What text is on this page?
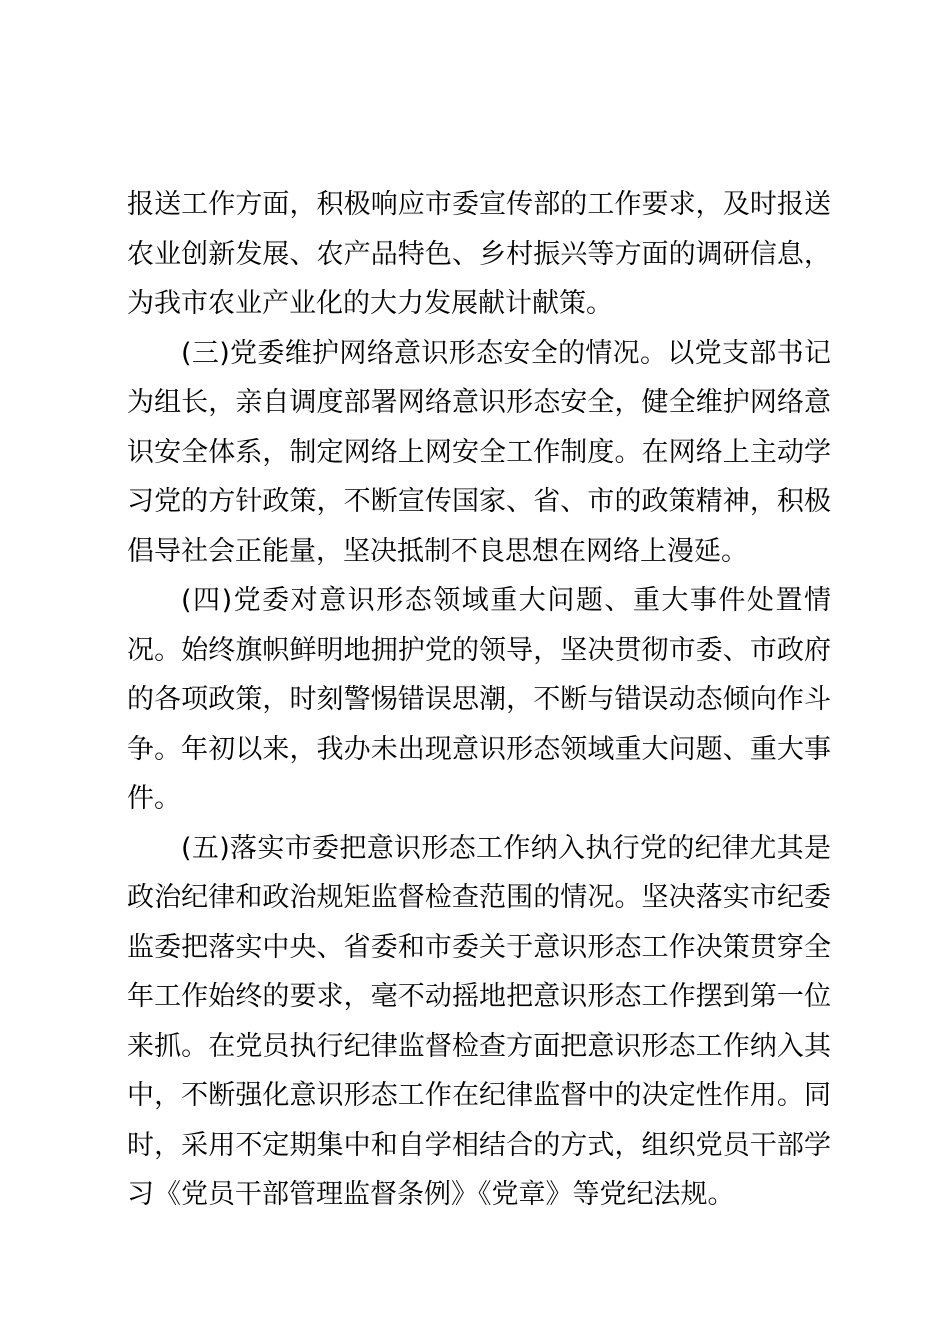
报送工作方面，积极响应市委宣传部的工作要求，及时报送农业创新发展、农产品特色、乡村振兴等方面的调研信息，为我市农业产业化的大力发展献计献策。

(三)党委维护网络意识形态安全的情况。以党支部书记为组长，亲自调度部署网络意识形态安全，健全维护网络意识安全体系，制定网络上网安全工作制度。在网络上主动学习党的方针政策，不断宣传国家、省、市的政策精神，积极倡导社会正能量，坚决抵制不良思想在网络上漫延。

(四)党委对意识形态领域重大问题、重大事件处置情况。始终旗帜鲜明地拥护党的领导，坚决贯彻市委、市政府的各项政策，时刻警惕错误思潮，不断与错误动态倾向作斗争。年初以来，我办未出现意识形态领域重大问题、重大事件。

(五)落实市委把意识形态工作纳入执行党的纪律尤其是政治纪律和政治规矩监督检查范围的情况。坚决落实市纪委监委把落实中央、省委和市委关于意识形态工作决策贯穿全年工作始终的要求，毫不动摇地把意识形态工作摆到第一位来抓。在党员执行纪律监督检查方面把意识形态工作纳入其中，不断强化意识形态工作在纪律监督中的决定性作用。同时，采用不定期集中和自学相结合的方式，组织党员干部学习《党员干部管理监督条例》《党章》等党纪法规。
